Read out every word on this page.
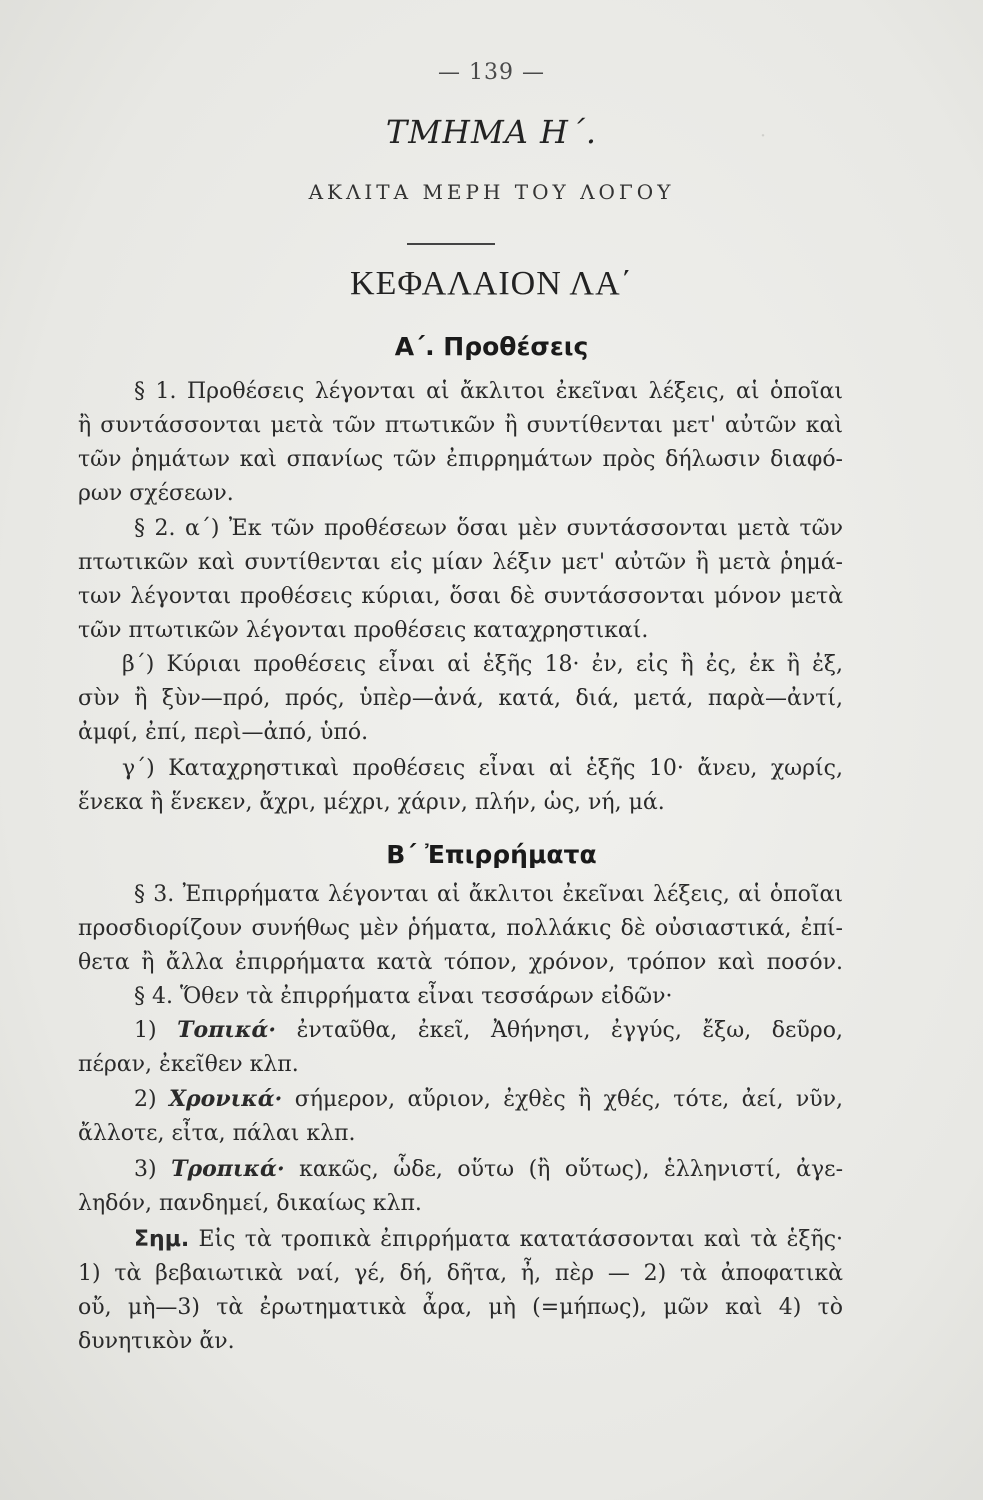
·
— 139 —
ΤΜΗΜΑ Η΄.
ΑΚΛΙΤΑ ΜΕΡΗ ΤΟΥ ΛΟΓΟΥ
ΚΕΦΑΛΑΙΟΝ ΛΑ΄
Α΄. Προθέσεις
§ 1. Προθέσεις λέγονται αἱ ἄκλιτοι ἐκεῖναι λέξεις, αἱ ὁποῖαι
ἢ συντάσσονται μετὰ τῶν πτωτικῶν ἢ συντίθενται μετ' αὐτῶν καὶ
τῶν ῥημάτων καὶ σπανίως τῶν ἐπιρρημάτων πρὸς δήλωσιν διαφό-
ρων σχέσεων.
§ 2. α΄) Ἐκ τῶν προθέσεων ὅσαι μὲν συντάσσονται μετὰ τῶν
πτωτικῶν καὶ συντίθενται εἰς μίαν λέξιν μετ' αὐτῶν ἢ μετὰ ῥημά-
των λέγονται προθέσεις κύριαι, ὅσαι δὲ συντάσσονται μόνον μετὰ
τῶν πτωτικῶν λέγονται προθέσεις καταχρηστικαί.
β΄) Κύριαι προθέσεις εἶναι αἱ ἑξῆς 18· ἐν, εἰς ἢ ἐς, ἐκ ἢ ἐξ,
σὺν ἢ ξὺν—πρό, πρός, ὑπὲρ—ἀνά, κατά, διά, μετά, παρὰ—ἀντί,
ἀμφί, ἐπί, περὶ—ἀπό, ὑπό.
γ΄) Καταχρηστικαὶ προθέσεις εἶναι αἱ ἑξῆς 10· ἄνευ, χωρίς,
ἕνεκα ἢ ἕνεκεν, ἄχρι, μέχρι, χάριν, πλήν, ὡς, νή, μά.
Β΄ Ἐπιρρήματα
§ 3. Ἐπιρρήματα λέγονται αἱ ἄκλιτοι ἐκεῖναι λέξεις, αἱ ὁποῖαι
προσδιορίζουν συνήθως μὲν ῥήματα, πολλάκις δὲ οὐσιαστικά, ἐπί-
θετα ἢ ἄλλα ἐπιρρήματα κατὰ τόπον, χρόνον, τρόπον καὶ ποσόν.
§ 4. Ὅθεν τὰ ἐπιρρήματα εἶναι τεσσάρων εἰδῶν·
1) Τοπικά· ἐνταῦθα, ἐκεῖ, Ἀθήνησι, ἐγγύς, ἔξω, δεῦρο,
πέραν, ἐκεῖθεν κλπ.
2) Χρονικά· σήμερον, αὔριον, ἐχθὲς ἢ χθές, τότε, ἀεί, νῦν,
ἄλλοτε, εἶτα, πάλαι κλπ.
3) Τροπικά· κακῶς, ὧδε, οὕτω (ἢ οὕτως), ἑλληνιστί, ἀγε-
ληδόν, πανδημεί, δικαίως κλπ.
Σημ. Εἰς τὰ τροπικὰ ἐπιρρήματα κατατάσσονται καὶ τὰ ἑξῆς·
1) τὰ βεβαιωτικὰ ναί, γέ, δή, δῆτα, ἦ, πὲρ — 2) τὰ ἀποφατικὰ
οὔ, μὴ—3) τὰ ἐρωτηματικὰ ἆρα, μὴ (=μήπως), μῶν καὶ 4) τὸ
δυνητικὸν ἄν.
